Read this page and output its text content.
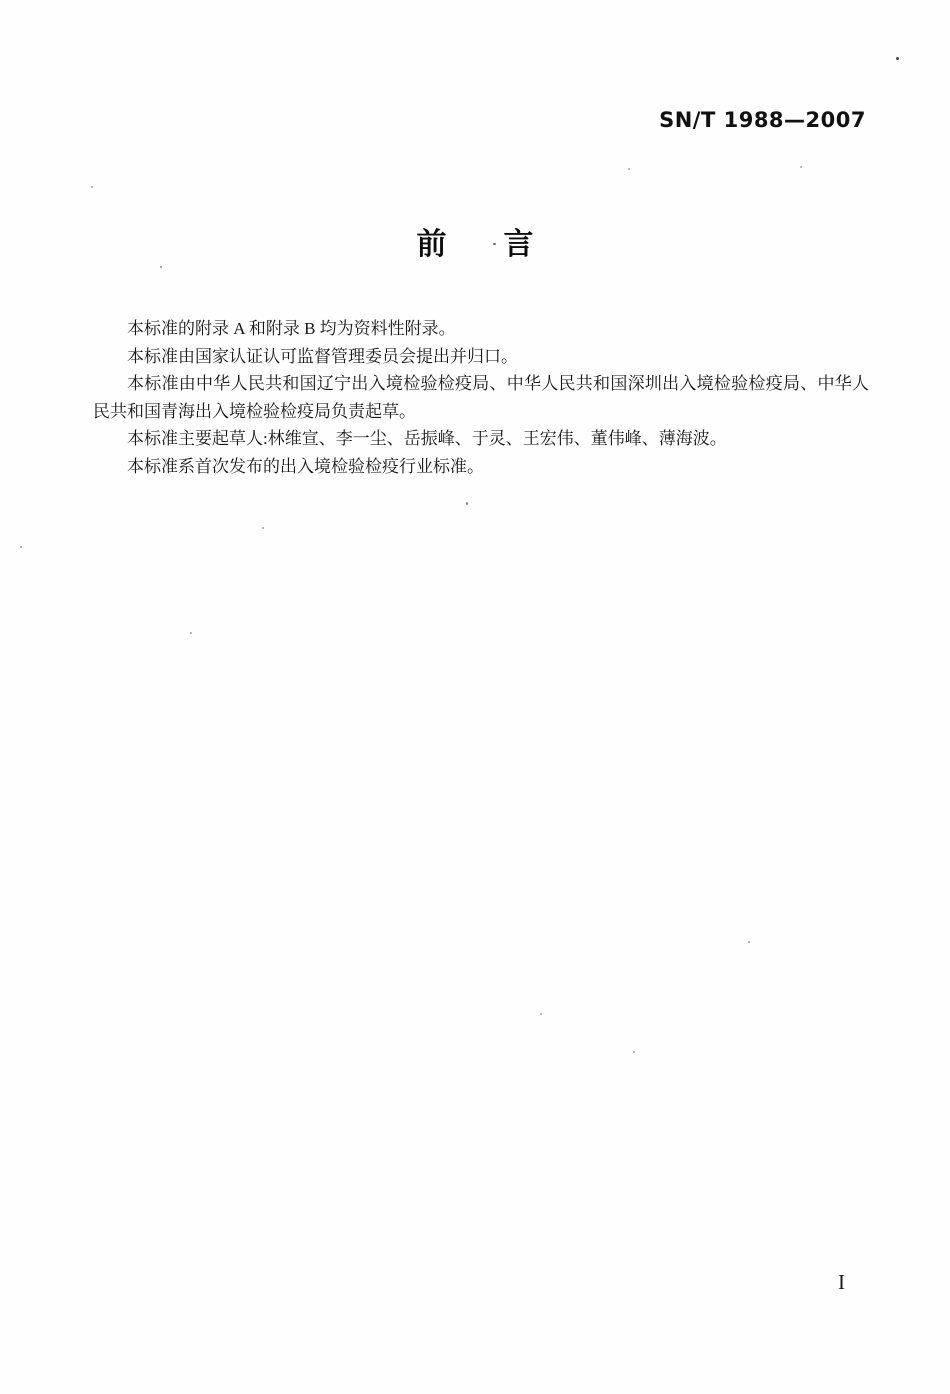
SN/T 1988—2007
前 言

本标准的附录 A 和附录 B 均为资料性附录。

本标准由国家认证认可监督管理委员会提出并归口。

本标准由中华人民共和国辽宁出入境检验检疫局、中华人民共和国深圳出入境检验检疫局、中华人民共和国青海出入境检验检疫局负责起草。

本标准主要起草人:林维宣、李一尘、岳振峰、于灵、王宏伟、董伟峰、薄海波。

本标准系首次发布的出入境检验检疫行业标准。

I
